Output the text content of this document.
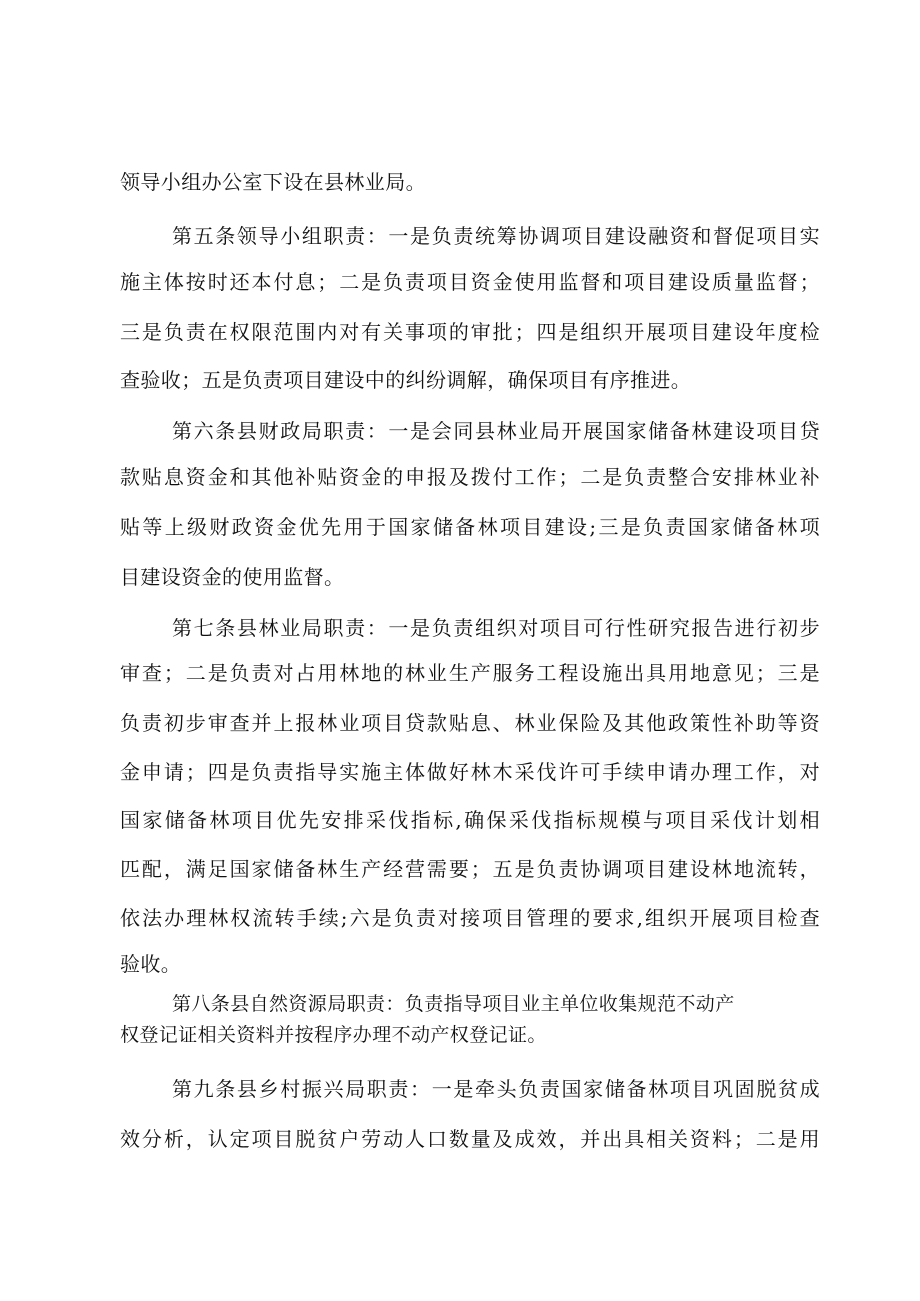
领导小组办公室下设在县林业局。
第五条领导小组职责：一是负责统筹协调项目建设融资和督促项目实
施主体按时还本付息；二是负责项目资金使用监督和项目建设质量监督；
三是负责在权限范围内对有关事项的审批；四是组织开展项目建设年度检
查验收；五是负责项目建设中的纠纷调解，确保项目有序推进。
第六条县财政局职责：一是会同县林业局开展国家储备林建设项目贷
款贴息资金和其他补贴资金的申报及拨付工作；二是负责整合安排林业补
贴等上级财政资金优先用于国家储备林项目建设;三是负责国家储备林项
目建设资金的使用监督。
第七条县林业局职责：一是负责组织对项目可行性研究报告进行初步
审查；二是负责对占用林地的林业生产服务工程设施出具用地意见；三是
负责初步审查并上报林业项目贷款贴息、林业保险及其他政策性补助等资
金申请；四是负责指导实施主体做好林木采伐许可手续申请办理工作，对
国家储备林项目优先安排采伐指标,确保采伐指标规模与项目采伐计划相
匹配，满足国家储备林生产经营需要；五是负责协调项目建设林地流转，
依法办理林权流转手续;六是负责对接项目管理的要求,组织开展项目检查
验收。
第八条县自然资源局职责：负责指导项目业主单位收集规范不动产
权登记证相关资料并按程序办理不动产权登记证。
第九条县乡村振兴局职责：一是牵头负责国家储备林项目巩固脱贫成
效分析，认定项目脱贫户劳动人口数量及成效，并出具相关资料；二是用
